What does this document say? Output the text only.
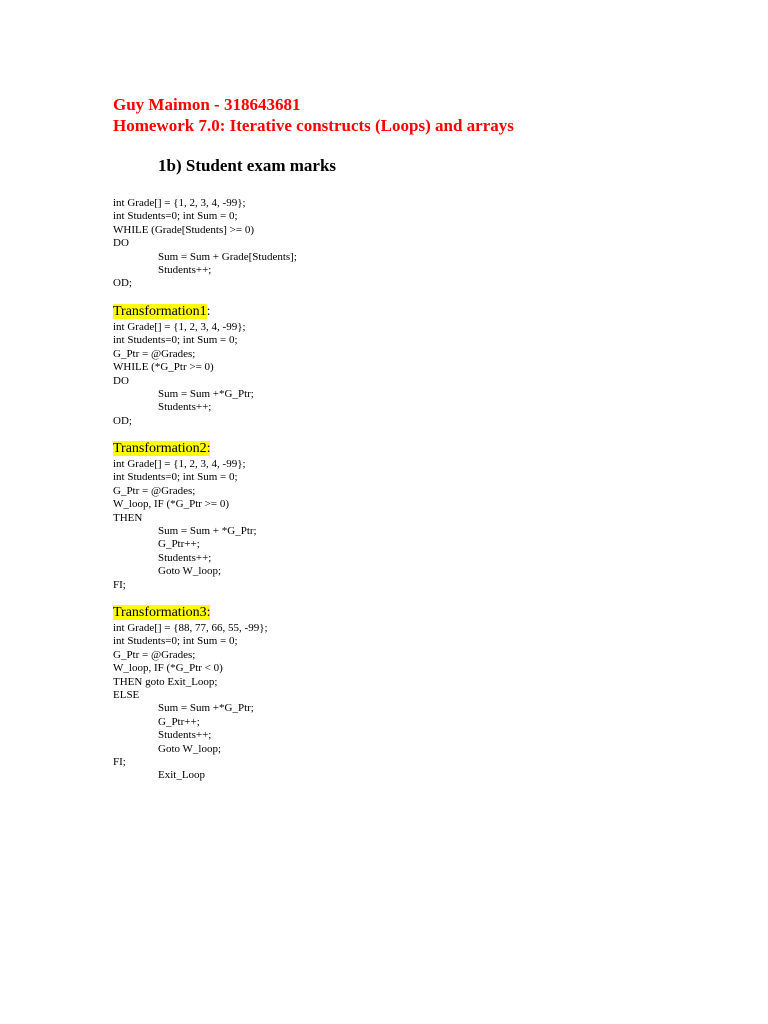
Guy Maimon - 318643681
Homework 7.0: Iterative constructs (Loops) and arrays
1b) Student exam marks
int Grade[] = {1, 2, 3, 4, -99};
int Students=0; int Sum = 0;
WHILE (Grade[Students] >= 0)
DO
Sum = Sum + Grade[Students];
Students++;
OD;
Transformation1:
int Grade[] = {1, 2, 3, 4, -99};
int Students=0; int Sum = 0;
G_Ptr = @Grades;
WHILE (*G_Ptr >= 0)
DO
Sum = Sum +*G_Ptr;
Students++;
OD;
Transformation2:
int Grade[] = {1, 2, 3, 4, -99};
int Students=0; int Sum = 0;
G_Ptr = @Grades;
W_loop, IF (*G_Ptr >= 0)
THEN
Sum = Sum + *G_Ptr;
G_Ptr++;
Students++;
Goto W_loop;
FI;
Transformation3:
int Grade[] = {88, 77, 66, 55, -99};
int Students=0; int Sum = 0;
G_Ptr = @Grades;
W_loop, IF (*G_Ptr < 0)
THEN goto Exit_Loop;
ELSE
Sum = Sum +*G_Ptr;
G_Ptr++;
Students++;
Goto W_loop;
FI;
Exit_Loop
